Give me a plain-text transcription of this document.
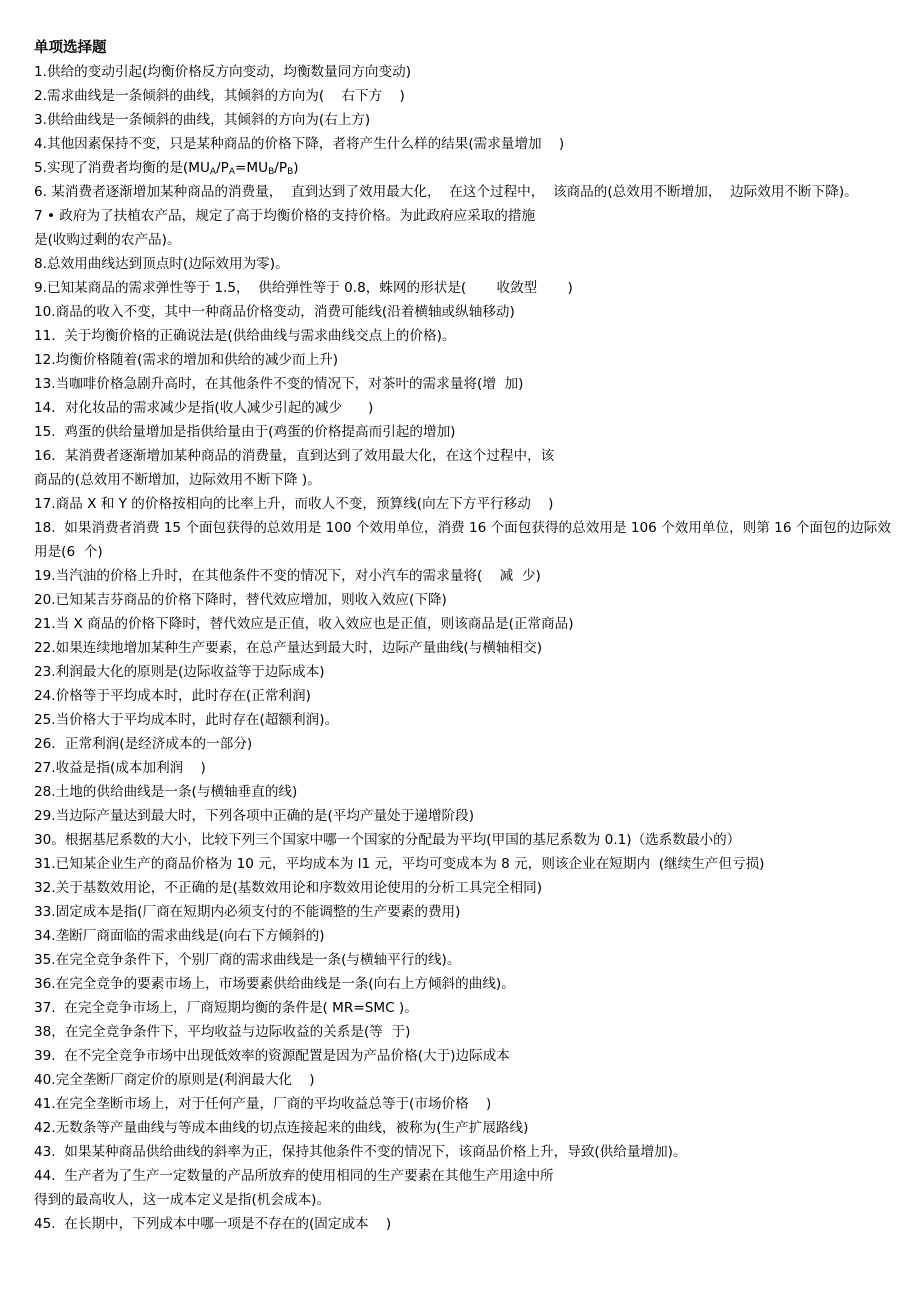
单项选择题
1.供给的变动引起(均衡价格反方向变动，均衡数量同方向变动)
2.需求曲线是一条倾斜的曲线，其倾斜的方向为(    右下方    )
3.供给曲线是一条倾斜的曲线，其倾斜的方向为(右上方)
4.其他因素保持不变，只是某种商品的价格下降，者将产生什么样的结果(需求量增加    )
5.实现了消费者均衡的是$(MU_A/P_A=MU_B/P_B)$
6. 某消费者逐渐增加某种商品的消费量，  直到达到了效用最大化，  在这个过程中，  该商品的(总效用不断增加，  边际效用不断下降)。
7 • 政府为了扶植农产品，规定了高于均衡价格的支持价格。为此政府应采取的措施
是(收购过剩的农产品)。
8.总效用曲线达到顶点时(边际效用为零)。
9.已知某商品的需求弹性等于 1.5，  供给弹性等于 0.8，蛛网的形状是(       收敛型       )
10.商品的收入不变，其中一种商品价格变动，消费可能线(沿着横轴或纵轴移动)
11.  关于均衡价格的正确说法是(供给曲线与需求曲线交点上的价格)。
12.均衡价格随着(需求的增加和供给的减少而上升)
13.当咖啡价格急剧升高时，在其他条件不变的情况下，对茶叶的需求量将(增  加)
14．对化妆品的需求减少是指(收人减少引起的减少      )
15.  鸡蛋的供给量增加是指供给量由于(鸡蛋的价格提高而引起的增加)
16．某消费者逐渐增加某种商品的消费量，直到达到了效用最大化，在这个过程中，该
商品的(总效用不断增加，边际效用不断下降 )。
17.商品 X 和 Y 的价格按相向的比率上升，而收人不变，预算线(向左下方平行移动    )
18.  如果消费者消费 15 个面包获得的总效用是 100 个效用单位，消费 16 个面包获得的总效用是 106 个效用单位，则第 16 个面包的边际效用是(6  个)
19.当汽油的价格上升时，在其他条件不变的情况下，对小汽车的需求量将(    减  少)
20.已知某吉芬商品的价格下降时，替代效应增加，则收入效应(下降)
21.当 X 商品的价格下降时，替代效应是正值，收入效应也是正值，则该商品是(正常商品)
22.如果连续地增加某种生产要素，在总产量达到最大时，边际产量曲线(与横轴相交)
23.利润最大化的原则是(边际收益等于边际成本)
24.价格等于平均成本时，此时存在(正常利润)
25.当价格大于平均成本时，此时存在(超额利润)。
26．正常利润(是经济成本的一部分)
27.收益是指(成本加利润    )
28.土地的供给曲线是一条(与横轴垂直的线)
29.当边际产量达到最大时，下列各项中正确的是(平均产量处于递增阶段)
30。根据基尼系数的大小，比较下列三个国家中哪一个国家的分配最为平均(甲国的基尼系数为 0.1)（选系数最小的）
31.已知某企业生产的商品价格为 10 元，平均成本为 l1 元，平均可变成本为 8 元，则该企业在短期内  (继续生产但亏损)
32.关于基数效用论，不正确的是(基数效用论和序数效用论使用的分析工具完全相同)
33.固定成本是指(厂商在短期内必须支付的不能调整的生产要素的费用)
34.垄断厂商面临的需求曲线是(向右下方倾斜的)
35.在完全竞争条件下，个别厂商的需求曲线是一条(与横轴平行的线)。
36.在完全竞争的要素市场上，市场要素供给曲线是一条(向右上方倾斜的曲线)。
37.  在完全竞争市场上，厂商短期均衡的条件是( MR=SMC )。
38，在完全竞争条件下，平均收益与边际收益的关系是(等  于)
39.  在不完全竞争市场中出现低效率的资源配置是因为产品价格(大于)边际成本
40.完全垄断厂商定价的原则是(利润最大化    )
41.在完全垄断市场上，对于任何产量，厂商的平均收益总等于(市场价格    )
42.无数条等产量曲线与等成本曲线的切点连接起来的曲线，被称为(生产扩展路线)
43.  如果某种商品供给曲线的斜率为正，保持其他条件不变的情况下，该商品价格上升，导致(供给量增加)。
44.  生产者为了生产一定数量的产品所放弃的使用相同的生产要素在其他生产用途中所
得到的最高收人，这一成本定义是指(机会成本)。
45.  在长期中，下列成本中哪一项是不存在的(固定成本    )
